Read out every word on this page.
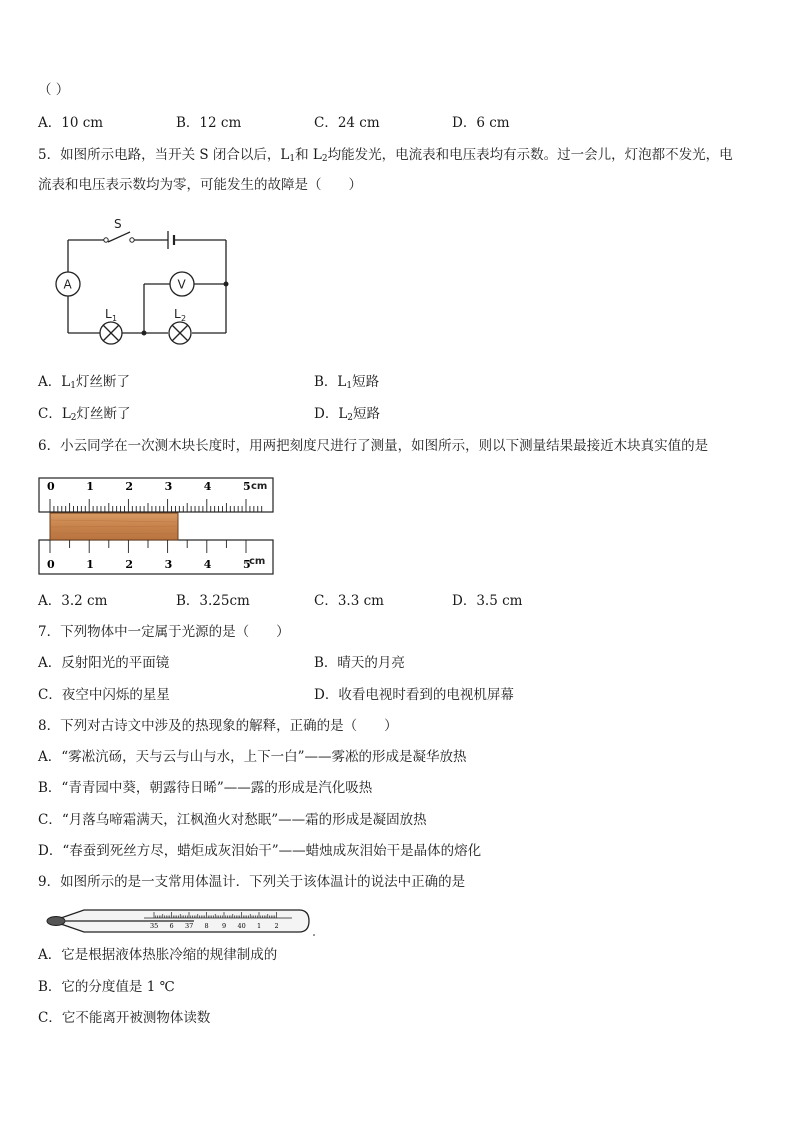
（ ）
A．10 cm	B．12 cm	C．24 cm	D．6 cm
5．如图所示电路，当开关 S 闭合以后，$L_1$和 $L_2$均能发光，电流表和电压表均有示数。过一会儿，灯泡都不发光，电
流表和电压表示数均为零，可能发生的故障是（　　）
S
A	V
L 1	L 2
A．$L_1$灯丝断了	B．$L_1$短路
C．$L_2$灯丝断了	D．$L_2$短路
6．小云同学在一次测木块长度时，用两把刻度尺进行了测量，如图所示，则以下测量结果最接近木块真实值的是
0	1	2	3	4	5
0	1	2	3	4	5
cm
cm
A．3.2 cm	B．3.25cm	C．3.3 cm	D．3.5 cm
7．下列物体中一定属于光源的是（　　）
A．反射阳光的平面镜	B．晴天的月亮
C．夜空中闪烁的星星	D．收看电视时看到的电视机屏幕
8．下列对古诗文中涉及的热现象的解释，正确的是（　　）
A．“雾凇沆砀，天与云与山与水，上下一白”——雾凇的形成是凝华放热
B．“青青园中葵，朝露待日晞”——露的形成是汽化吸热
C．“月落乌啼霜满天，江枫渔火对愁眠”——霜的形成是凝固放热
D．“春蚕到死丝方尽，蜡炬成灰泪始干”——蜡烛成灰泪始干是晶体的熔化
9．如图所示的是一支常用体温计．下列关于该体温计的说法中正确的是
35 6 37 8 9 40 1 2
A．它是根据液体热胀冷缩的规律制成的
B．它的分度值是 1 ℃
C．它不能离开被测物体读数
